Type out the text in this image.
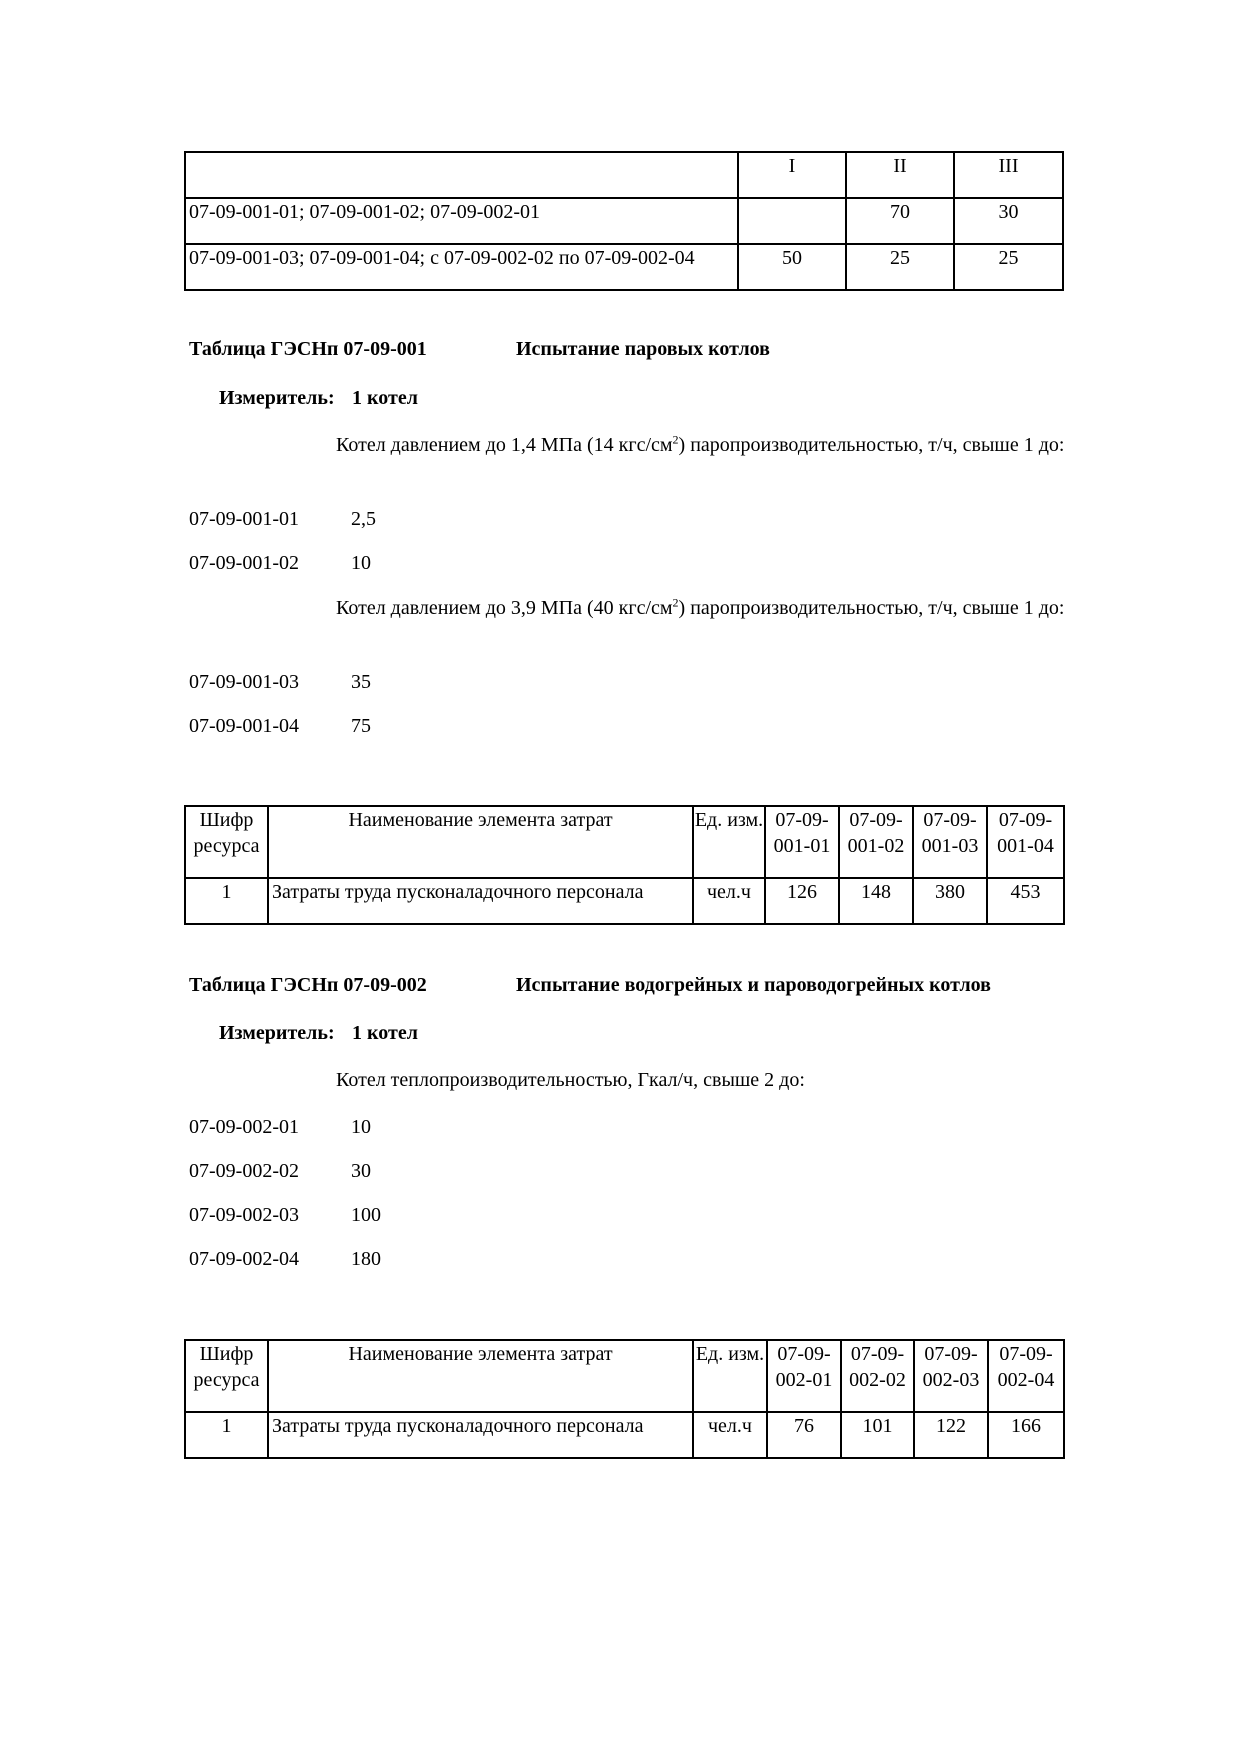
	I	II	III
07-09-001-01; 07-09-001-02; 07-09-002-01		70	30
07-09-001-03; 07-09-001-04; с 07-09-002-02 по 07-09-002-04	50	25	25
Таблица ГЭСНп 07-09-001	Испытание паровых котлов
Измеритель: 1 котел
Котел давлением до 1,4 МПа (14 кгс/$см^2$) паропроизводительностью, т/ч, свыше 1 до:
07-09-001-01	2,5
07-09-001-02	10
Котел давлением до 3,9 МПа (40 кгс/$см^2$) паропроизводительностью, т/ч, свыше 1 до:
07-09-001-03	35
07-09-001-04	75
Шифр ресурса	Наименование элемента затрат	Ед. изм.	07-09-001-01	07-09-001-02	07-09-001-03	07-09-001-04
1	Затраты труда пусконаладочного персонала	чел.ч	126	148	380	453
Таблица ГЭСНп 07-09-002	Испытание водогрейных и пароводогрейных котлов
Измеритель: 1 котел
Котел теплопроизводительностью, Гкал/ч, свыше 2 до:
07-09-002-01	10
07-09-002-02	30
07-09-002-03	100
07-09-002-04	180
Шифр ресурса	Наименование элемента затрат	Ед. изм.	07-09-002-01	07-09-002-02	07-09-002-03	07-09-002-04
1	Затраты труда пусконаладочного персонала	чел.ч	76	101	122	166
